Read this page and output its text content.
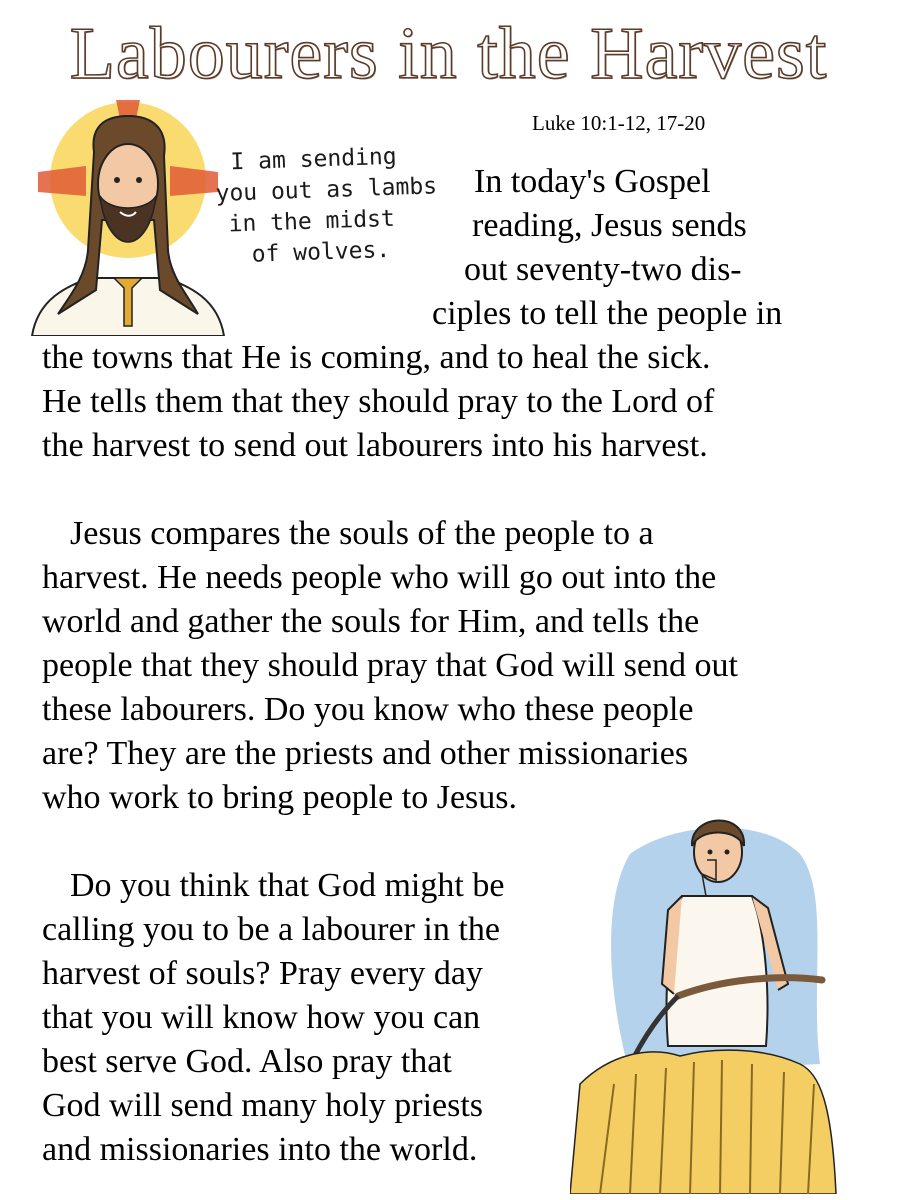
Labourers in the Harvest
Luke 10:1-12, 17-20
I am sending
you out as lambs
in the midst
of wolves.
In today's Gospel
reading, Jesus sends
out seventy-two dis-
ciples to tell the people in
the towns that He is coming, and to heal the sick.
He tells them that they should pray to the Lord of
the harvest to send out labourers into his harvest.
Jesus compares the souls of the people to a
harvest. He needs people who will go out into the
world and gather the souls for Him, and tells the
people that they should pray that God will send out
these labourers. Do you know who these people
are? They are the priests and other missionaries
who work to bring people to Jesus.
Do you think that God might be
calling you to be a labourer in the
harvest of souls? Pray every day
that you will know how you can
best serve God. Also pray that
God will send many holy priests
and missionaries into the world.
